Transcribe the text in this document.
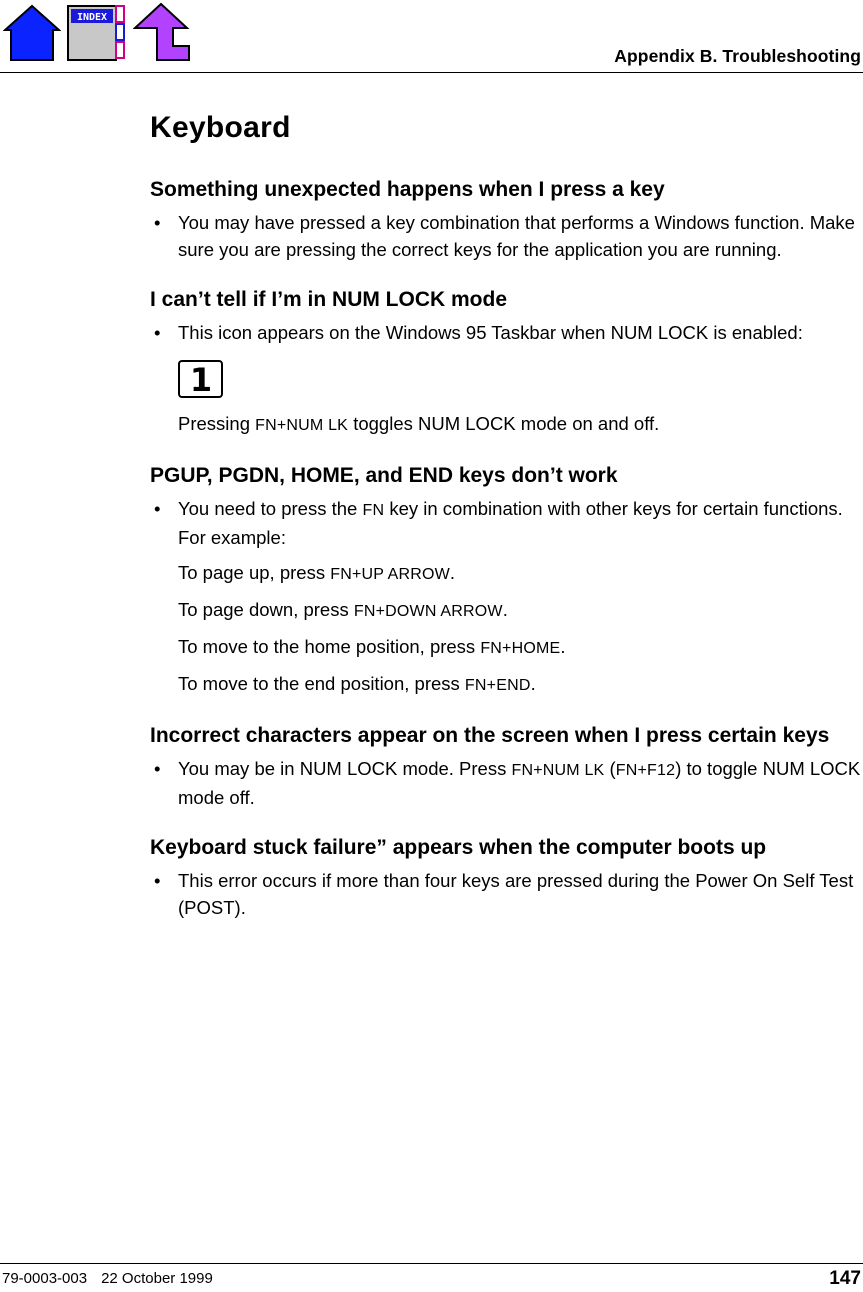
INDEX
Appendix B. Troubleshooting
Keyboard
Something unexpected happens when I press a key
• You may have pressed a key combination that performs a Windows function. Make sure you are pressing the correct keys for the application you are running.
I can’t tell if I’m in NUM LOCK mode
• This icon appears on the Windows 95 Taskbar when NUM LOCK is enabled:
1
Pressing FN+NUM LK toggles NUM LOCK mode on and off.
PGUP, PGDN, HOME, and END keys don’t work
• You need to press the FN key in combination with other keys for certain functions. For example:
To page up, press FN+UP ARROW.
To page down, press FN+DOWN ARROW.
To move to the home position, press FN+HOME.
To move to the end position, press FN+END.
Incorrect characters appear on the screen when I press certain keys
• You may be in NUM LOCK mode. Press FN+NUM LK (FN+F12) to toggle NUM LOCK mode off.
Keyboard stuck failure” appears when the computer boots up
• This error occurs if more than four keys are pressed during the Power On Self Test (POST).
79-0003-003 22 October 1999	147
